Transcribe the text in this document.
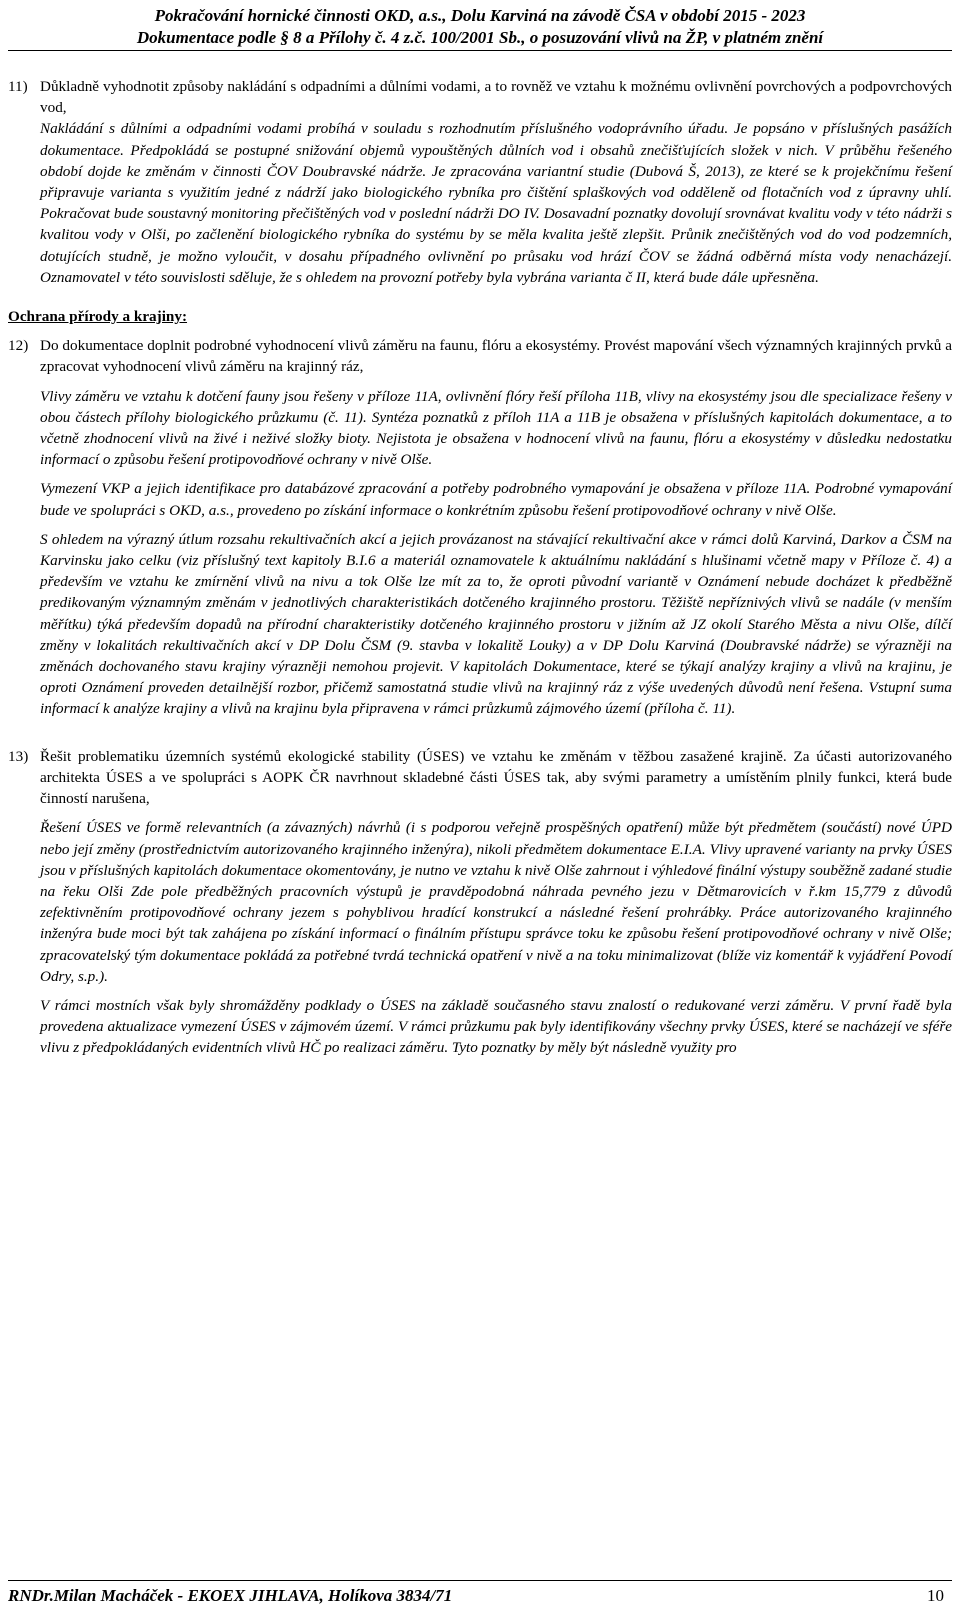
Pokračování hornické činnosti OKD, a.s., Dolu Karviná na závodě ČSA v období 2015 - 2023
Dokumentace podle § 8 a Přílohy č. 4 z.č. 100/2001 Sb., o posuzování vlivů na ŽP, v platném znění
11) Důkladně vyhodnotit způsoby nakládání s odpadními a důlními vodami, a to rovněž ve vztahu k možnému ovlivnění povrchových a podpovrchových vod,

Nakládání s důlními a odpadními vodami probíhá v souladu s rozhodnutím příslušného vodoprávního úřadu. Je popsáno v příslušných pasážích dokumentace. Předpokládá se postupné snižování objemů vypouštěných důlních vod i obsahů znečišťujících složek v nich. V průběhu řešeného období dojde ke změnám v činnosti ČOV Doubravské nádrže. Je zpracována variantní studie (Dubová Š, 2013), ze které se k projekčnímu řešení připravuje varianta s využitím jedné z nádrží jako biologického rybníka pro čištění splaškových vod odděleně od flotačních vod z úpravny uhlí. Pokračovat bude soustavný monitoring přečištěných vod v poslední nádrži DO IV. Dosavadní poznatky dovolují srovnávat kvalitu vody v této nádrži s kvalitou vody v Olši, po začlenění biologického rybníka do systému by se měla kvalita ještě zlepšit. Průnik znečištěných vod do vod podzemních, dotujících studně, je možno vyloučit, v dosahu případného ovlivnění po průsaku vod hrází ČOV se žádná odběrná místa vody nenacházejí. Oznamovatel v této souvislosti sděluje, že s ohledem na provozní potřeby byla vybrána varianta č II, která bude dále upřesněna.

Ochrana přírody a krajiny:

12) Do dokumentace doplnit podrobné vyhodnocení vlivů záměru na faunu, flóru a ekosystémy. Provést mapování všech významných krajinných prvků a zpracovat vyhodnocení vlivů záměru na krajinný ráz,

Vlivy záměru ve vztahu k dotčení fauny jsou řešeny v příloze 11A, ovlivnění flóry řeší příloha 11B, vlivy na ekosystémy jsou dle specializace řešeny v obou částech přílohy biologického průzkumu (č. 11). Syntéza poznatků z příloh 11A a 11B je obsažena v příslušných kapitolách dokumentace, a to včetně zhodnocení vlivů na živé i neživé složky bioty. Nejistota je obsažena v hodnocení vlivů na faunu, flóru a ekosystémy v důsledku nedostatku informací o způsobu řešení protipovodňové ochrany v nivě Olše.

Vymezení VKP a jejich identifikace pro databázové zpracování a potřeby podrobného vymapování je obsažena v příloze 11A. Podrobné vymapování bude ve spolupráci s OKD, a.s., provedeno po získání informace o konkrétním způsobu řešení protipovodňové ochrany v nivě Olše.

S ohledem na výrazný útlum rozsahu rekultivačních akcí a jejich provázanost na stávající rekultivační akce v rámci dolů Karviná, Darkov a ČSM na Karvinsku jako celku (viz příslušný text kapitoly B.I.6 a materiál oznamovatele k aktuálnímu nakládání s hlušinami včetně mapy v Příloze č. 4) a především ve vztahu ke zmírnění vlivů na nivu a tok Olše lze mít za to, že oproti původní variantě v Oznámení nebude docházet k předběžně predikovaným významným změnám v jednotlivých charakteristikách dotčeného krajinného prostoru. Těžiště nepříznivých vlivů se nadále (v menším měřítku) týká především dopadů na přírodní charakteristiky dotčeného krajinného prostoru v jižním až JZ okolí Starého Města a nivu Olše, dílčí změny v lokalitách rekultivačních akcí v DP Dolu ČSM (9. stavba v lokalitě Louky) a v DP Dolu Karviná (Doubravské nádrže) se výrazněji na změnách dochovaného stavu krajiny výrazněji nemohou projevit. V kapitolách Dokumentace, které se týkají analýzy krajiny a vlivů na krajinu, je oproti Oznámení proveden detailnější rozbor, přičemž samostatná studie vlivů na krajinný ráz z výše uvedených důvodů není řešena. Vstupní suma informací k analýze krajiny a vlivů na krajinu byla připravena v rámci průzkumů zájmového území (příloha č. 11).

13) Řešit problematiku územních systémů ekologické stability (ÚSES) ve vztahu ke změnám v těžbou zasažené krajině. Za účasti autorizovaného architekta ÚSES a ve spolupráci s AOPK ČR navrhnout skladebné části ÚSES tak, aby svými parametry a umístěním plnily funkci, která bude činností narušena,

Řešení ÚSES ve formě relevantních (a závazných) návrhů (i s podporou veřejně prospěšných opatření) může být předmětem (součástí) nové ÚPD nebo její změny (prostřednictvím autorizovaného krajinného inženýra), nikoli předmětem dokumentace E.I.A. Vlivy upravené varianty na prvky ÚSES jsou v příslušných kapitolách dokumentace okomentovány, je nutno ve vztahu k nivě Olše zahrnout i výhledové finální výstupy souběžně zadané studie na řeku Olši Zde pole předběžných pracovních výstupů je pravděpodobná náhrada pevného jezu v Dětmarovicích v ř.km 15,779 z důvodů zefektivněním protipovodňové ochrany jezem s pohyblivou hradící konstrukcí a následné řešení prohrábky. Práce autorizovaného krajinného inženýra bude moci být tak zahájena po získání informací o finálním přístupu správce toku ke způsobu řešení protipovodňové ochrany v nivě Olše; zpracovatelský tým dokumentace pokládá za potřebné tvrdá technická opatření v nivě a na toku minimalizovat (blíže viz komentář k vyjádření Povodí Odry, s.p.).

V rámci mostních však byly shromážděny podklady o ÚSES na základě současného stavu znalostí o redukované verzi záměru. V první řadě byla provedena aktualizace vymezení ÚSES v zájmovém území. V rámci průzkumu pak byly identifikovány všechny prvky ÚSES, které se nacházejí ve sféře vlivu z předpokládaných evidentních vlivů HČ po realizaci záměru. Tyto poznatky by měly být následně využity pro

RNDr.Milan Macháček - EKOEX JIHLAVA, Holíkova 3834/71	10
